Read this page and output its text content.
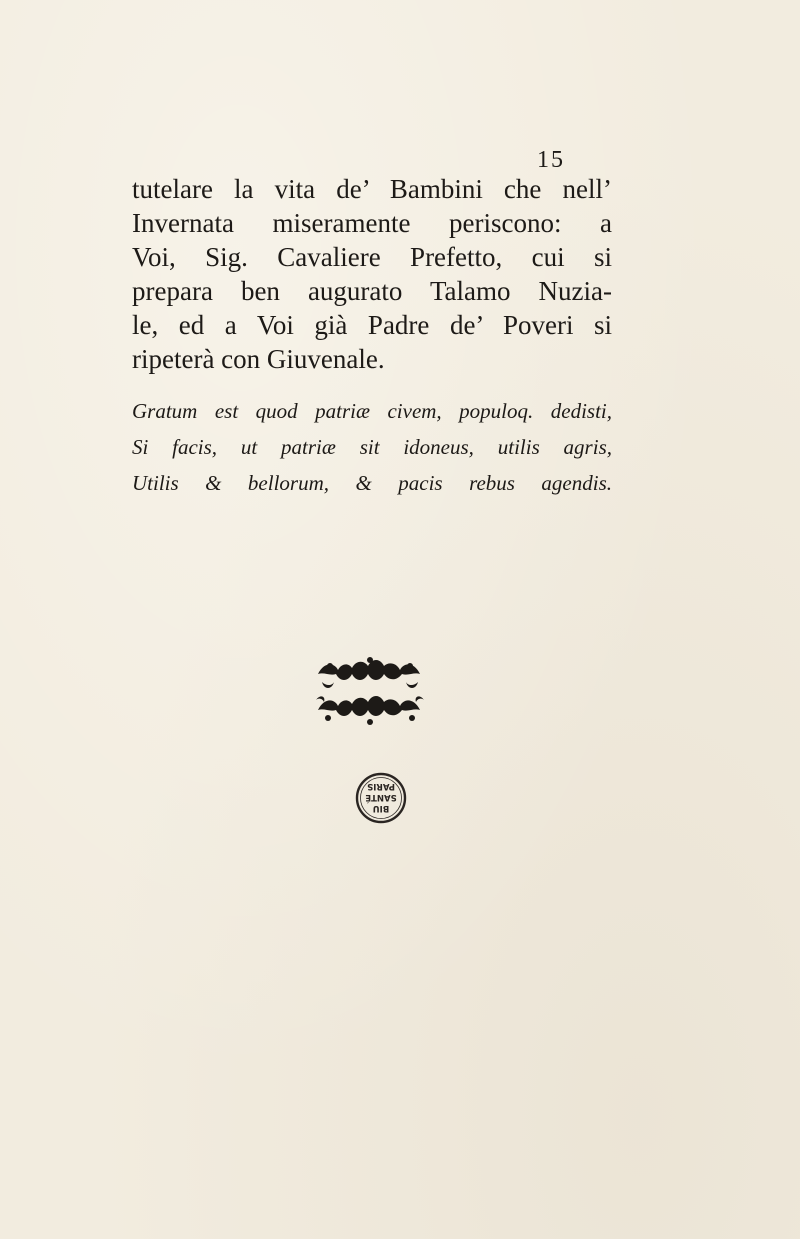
15
tutelare la vita de’ Bambini che nell’
Invernata miseramente periscono: a
Voi, Sig. Cavaliere Prefetto, cui si
prepara ben augurato Talamo Nuzia-
le, ed a Voi già Padre de’ Poveri si
ripeterà con Giuvenale.
Gratum est quod patriæ civem, populoq. dedisti,
Si facis, ut patriæ sit idoneus, utilis agris,
Utilis & bellorum, & pacis rebus agendis.
BIU
SANTÉ
PARIS
